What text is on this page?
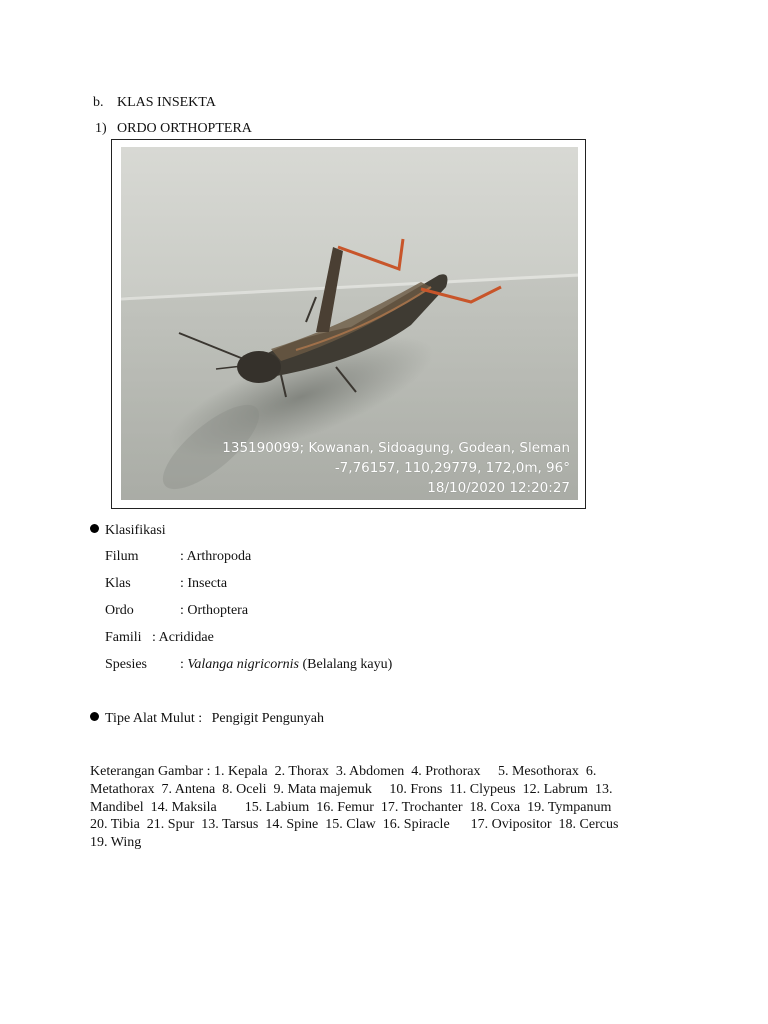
b. KLAS INSEKTA
1) ORDO ORTHOPTERA
135190099; Kowanan, Sidoagung, Godean, Sleman
-7,76157, 110,29779, 172,0m, 96°
18/10/2020 12:20:27
Klasifikasi
Filum	: Arthropoda
Klas	: Insecta
Ordo	: Orthoptera
Famili : Acrididae
Spesies : Valanga nigricornis (Belalang kayu)
Tipe Alat Mulut : Pengigit Pengunyah
Keterangan Gambar : 1. Kepala  2. Thorax  3. Abdomen  4. Prothorax     5. Mesothorax  6.
Metathorax  7. Antena  8. Oceli  9. Mata majemuk     10. Frons  11. Clypeus  12. Labrum  13.
Mandibel  14. Maksila        15. Labium  16. Femur  17. Trochanter  18. Coxa  19. Tympanum
20. Tibia  21. Spur  13. Tarsus  14. Spine  15. Claw  16. Spiracle      17. Ovipositor  18. Cercus
19. Wing
